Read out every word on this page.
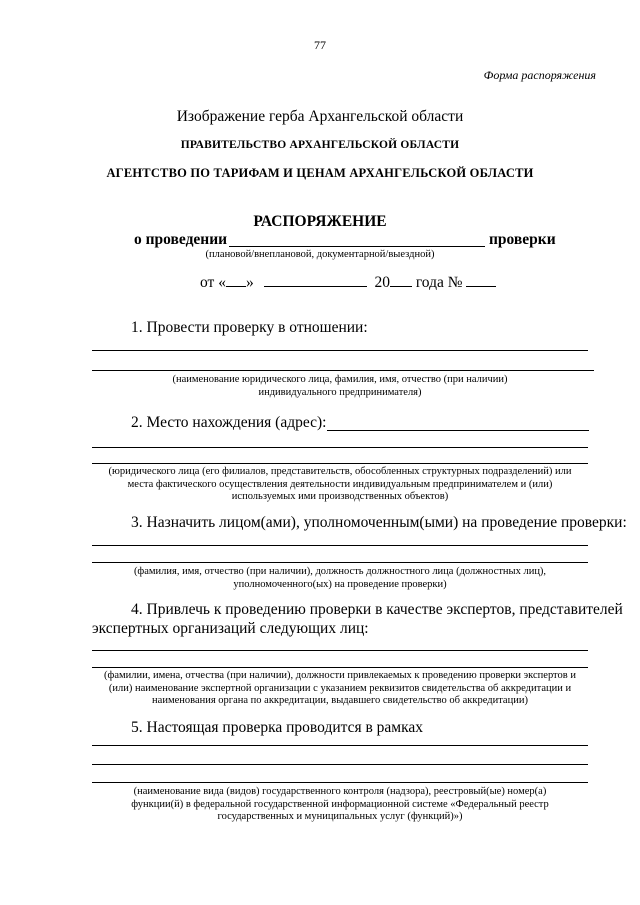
77
Форма распоряжения
Изображение герба Архангельской области
ПРАВИТЕЛЬСТВО АРХАНГЕЛЬСКОЙ ОБЛАСТИ
АГЕНТСТВО ПО ТАРИФАМ И ЦЕНАМ АРХАНГЕЛЬСКОЙ ОБЛАСТИ
РАСПОРЯЖЕНИЕ
о проведении	проверки
(плановой/внеплановой, документарной/выездной)
от « »	20 года №
1. Провести проверку в отношении:
(наименование юридического лица, фамилия, имя, отчество (при наличии) индивидуального предпринимателя)
2. Место нахождения (адрес):
(юридического лица (его филиалов, представительств, обособленных структурных подразделений) или места фактического осуществления деятельности индивидуальным предпринимателем и (или) используемых ими производственных объектов)
3. Назначить лицом(ами), уполномоченным(ыми) на проведение проверки:
(фамилия, имя, отчество (при наличии), должность должностного лица (должностных лиц), уполномоченного(ых) на проведение проверки)
4. Привлечь к проведению проверки в качестве экспертов, представителей
экспертных организаций следующих лиц:
(фамилии, имена, отчества (при наличии), должности привлекаемых к проведению проверки экспертов и (или) наименование экспертной организации с указанием реквизитов свидетельства об аккредитации и наименования органа по аккредитации, выдавшего свидетельство об аккредитации)
5. Настоящая проверка проводится в рамках
(наименование вида (видов) государственного контроля (надзора), реестровый(ые) номер(а) функции(й) в федеральной государственной информационной системе «Федеральный реестр государственных и муниципальных услуг (функций)»)
